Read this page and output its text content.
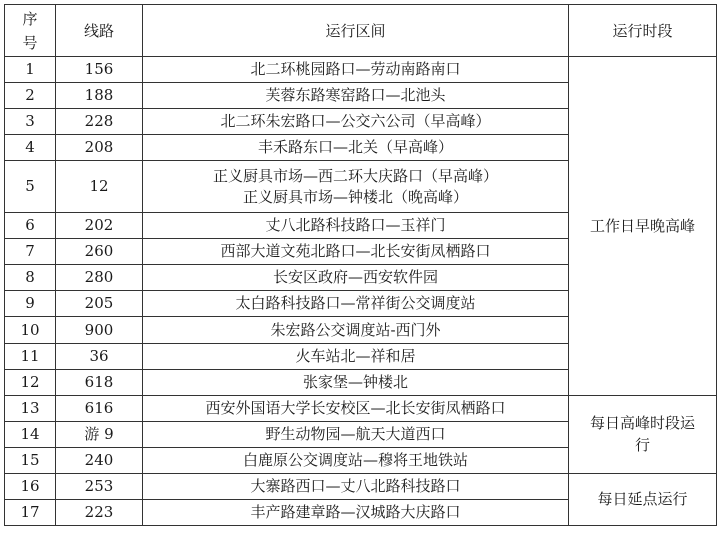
序号	线路	运行区间	运行时段
1	156	北二环桃园路口—劳动南路南口	工作日早晚高峰
2	188	芙蓉东路寒窑路口—北池头	

3	228	北二环朱宏路口—公交六公司（早高峰）	

4	208	丰禾路东口—北关（早高峰）	

5	12	正义厨具市场—西二环大庆路口（早高峰）
正义厨具市场—钟楼北（晚高峰）	

6	202	丈八北路科技路口—玉祥门	

7	260	西部大道文苑北路口—北长安街凤栖路口	

8	280	长安区政府—西安软件园	

9	205	太白路科技路口—常祥街公交调度站	

10	900	朱宏路公交调度站-西门外	

11	36	火车站北—祥和居	

12	618	张家堡—钟楼北	

13	616	西安外国语大学长安校区—北长安街凤栖路口	每日高峰时段运行
14	游 9	野生动物园—航天大道西口	

15	240	白鹿原公交调度站—穆将王地铁站	

16	253	大寨路西口—丈八北路科技路口	每日延点运行
17	223	丰产路建章路—汉城路大庆路口	
